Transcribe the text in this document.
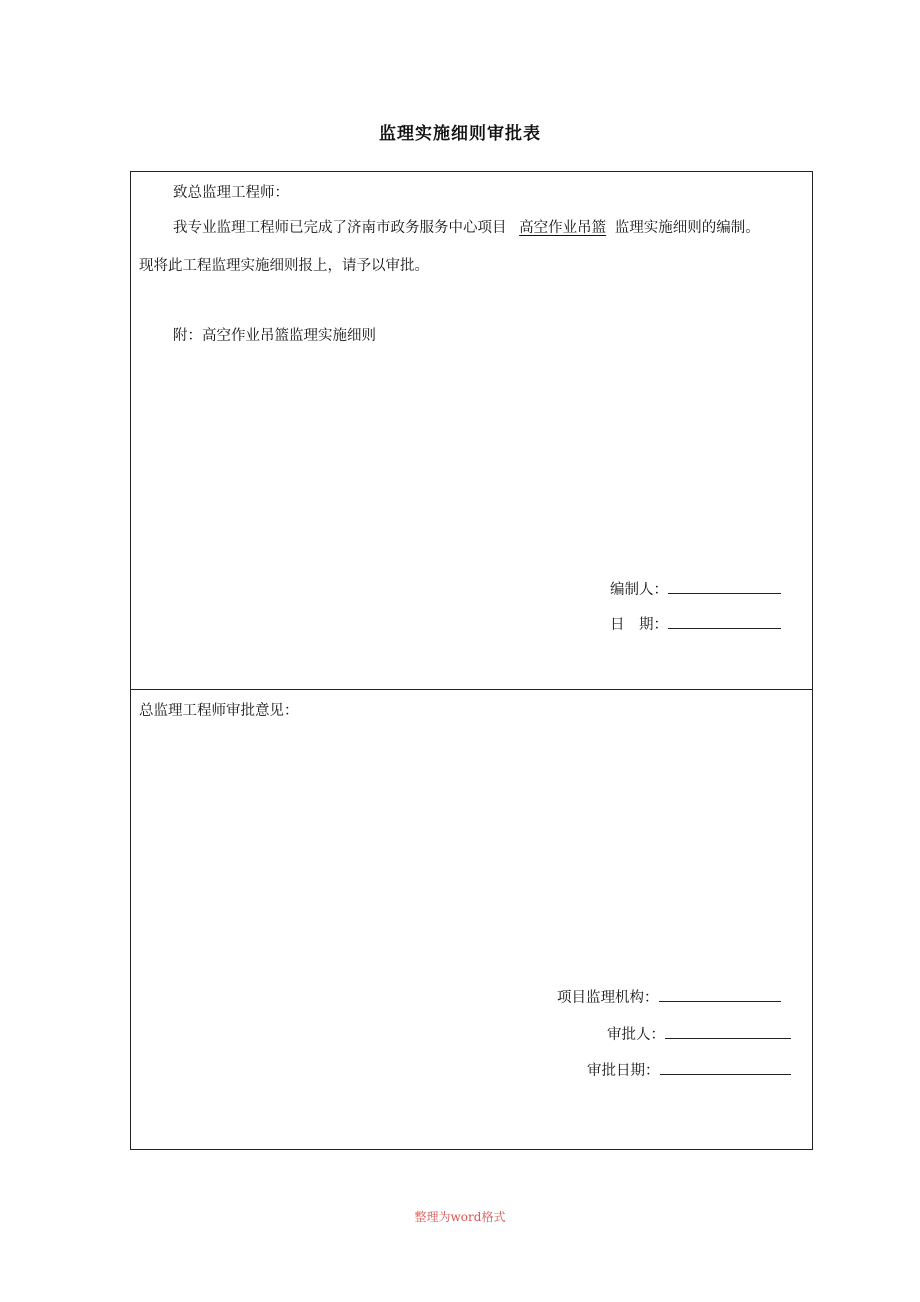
监理实施细则审批表
致总监理工程师：
我专业监理工程师已完成了济南市政务服务中心项目 高空作业吊篮 监理实施细则的编制。
现将此工程监理实施细则报上，请予以审批。
附：高空作业吊篮监理实施细则
编制人：
日　期：
总监理工程师审批意见：
项目监理机构：
审批人：
审批日期：
整理为word格式
